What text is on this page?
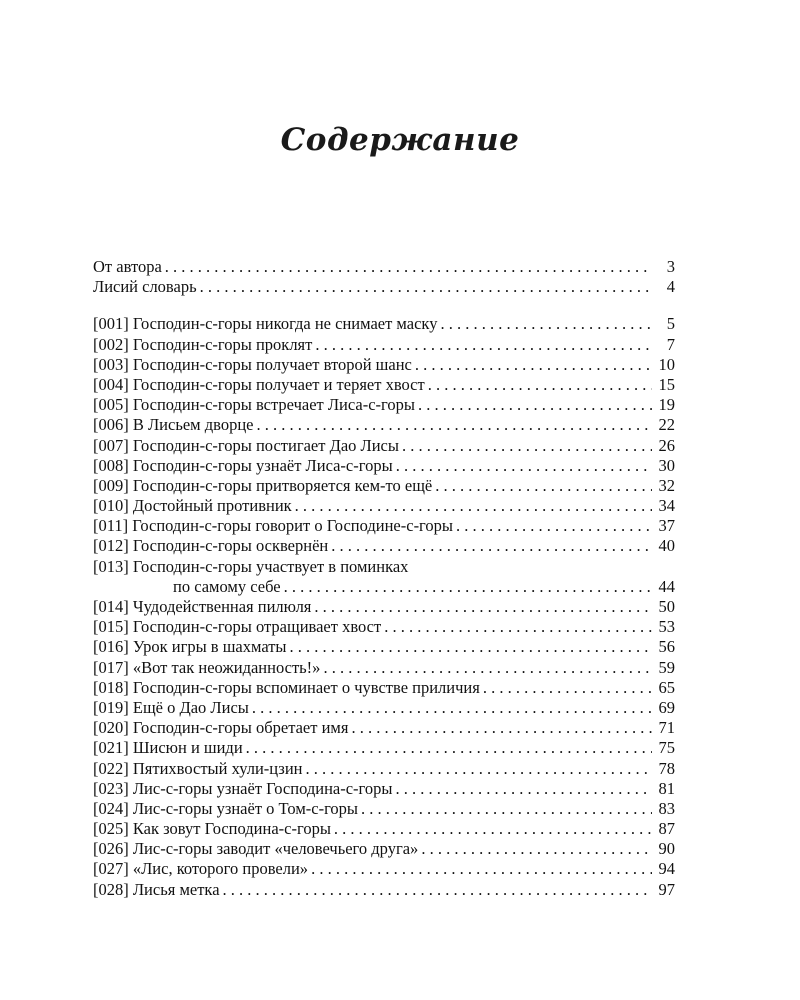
Содержание
От автора . . .	3
Лисий словарь . . .	4
[001] Господин-с-горы никогда не снимает маску . . .	5
[002] Господин-с-горы проклят . . .	7
[003] Господин-с-горы получает второй шанс . . .	10
[004] Господин-с-горы получает и теряет хвост . . .	15
[005] Господин-с-горы встречает Лиса-с-горы . . .	19
[006] В Лисьем дворце . . .	22
[007] Господин-с-горы постигает Дао Лисы . . .	26
[008] Господин-с-горы узнаёт Лиса-с-горы . . .	30
[009] Господин-с-горы притворяется кем-то ещё . . .	32
[010] Достойный противник . . .	34
[011] Господин-с-горы говорит о Господине-с-горы . . .	37
[012] Господин-с-горы осквернён . . .	40
[013] Господин-с-горы участвует в поминках
по самому себе . . .	44
[014] Чудодейственная пилюля . . .	50
[015] Господин-с-горы отращивает хвост . . .	53
[016] Урок игры в шахматы . . .	56
[017] «Вот так неожиданность!» . . .	59
[018] Господин-с-горы вспоминает о чувстве приличия . . .	65
[019] Ещё о Дао Лисы . . .	69
[020] Господин-с-горы обретает имя . . .	71
[021] Шисюн и шиди . . .	75
[022] Пятихвостый хули-цзин . . .	78
[023] Лис-с-горы узнаёт Господина-с-горы . . .	81
[024] Лис-с-горы узнаёт о Том-с-горы . . .	83
[025] Как зовут Господина-с-горы . . .	87
[026] Лис-с-горы заводит «человечьего друга» . . .	90
[027] «Лис, которого провели» . . .	94
[028] Лисья метка . . .	97
